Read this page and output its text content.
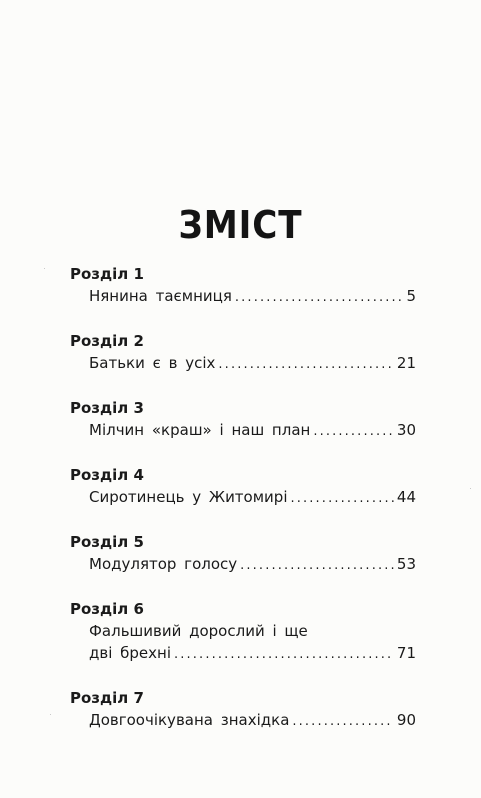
ЗМІСТ
Розділ 1
Нянина таємниця . . .	5
Розділ 2
Батьки є в усіх . . .	21
Розділ 3
Мілчин «краш» і наш план . . .	30
Розділ 4
Сиротинець у Житомирі . . .	44
Розділ 5
Модулятор голосу . . .	53
Розділ 6
Фальшивий дорослий і ще
дві брехні . . .	71
Розділ 7
Довгоочікувана знахідка . . .	90
